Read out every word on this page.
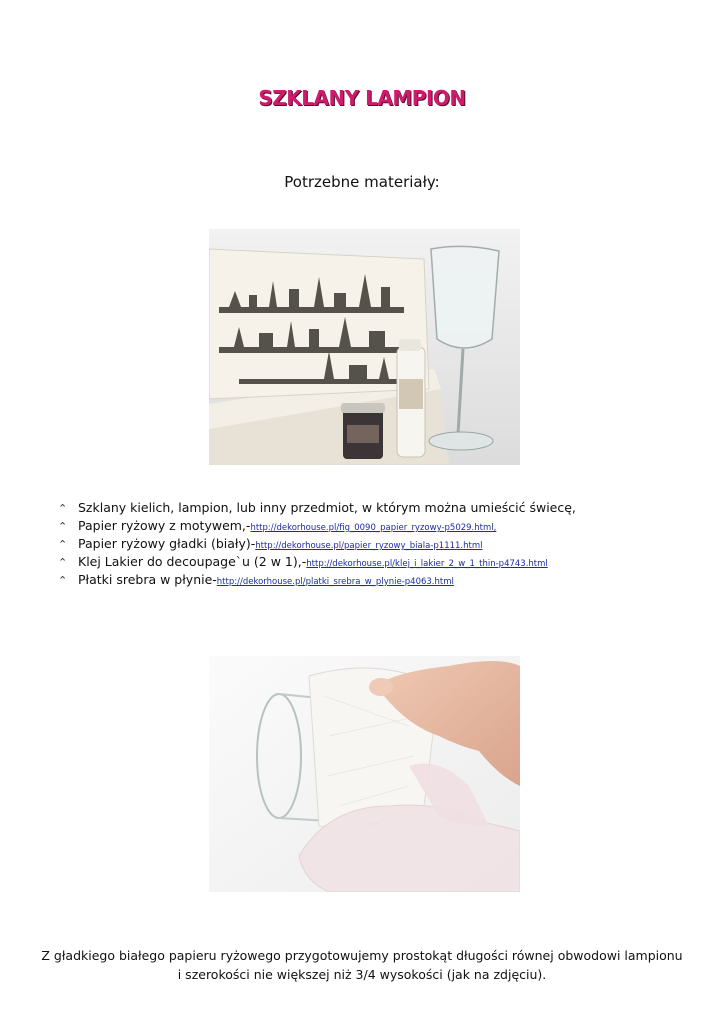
SZKLANY LAMPION
Potrzebne materiały:
⌃ Szklany kielich, lampion, lub inny przedmiot, w którym można umieścić świecę,
⌃ Papier ryżowy z motywem, - http://dekorhouse.pl/fig_0090_papier_ryzowy-p5029.html,
⌃ Papier ryżowy gładki (biały) - http://dekorhouse.pl/papier_ryzowy_biala-p1111.html
⌃ Klej Lakier do decoupage`u (2 w 1), - http://dekorhouse.pl/klej_i_lakier_2_w_1_thin-p4743.html
⌃ Płatki srebra w płynie - http://dekorhouse.pl/platki_srebra_w_plynie-p4063.html
Z gładkiego białego papieru ryżowego przygotowujemy prostokąt długości równej obwodowi lampionu i szerokości nie większej niż 3/4 wysokości (jak na zdjęciu).
